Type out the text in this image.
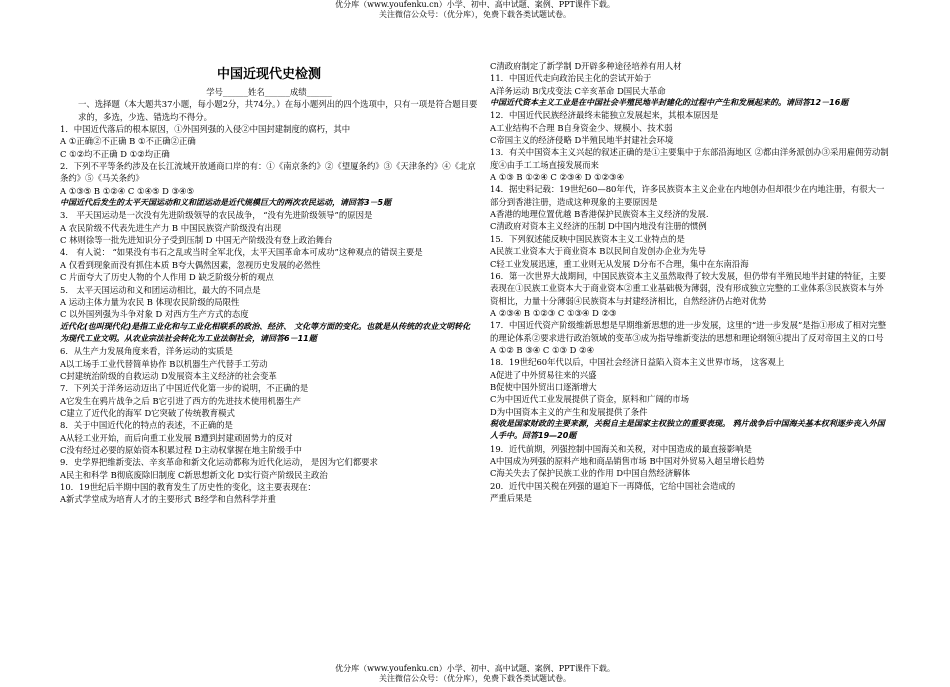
优分库（www.youfenku.cn）小学、初中、高中试题、案例、PPT课件下载。
关注微信公众号：（优分库），免费下载各类试题试卷。
中国近现代史检测
学号______姓名______成绩______
一、选择题（本大题共37小题，每小题2分，共74分。）在每小题列出的四个选项中，只有一项是符合题目要求的，多选，少选、错选均不得分。
1．中国近代落后的根本原因，①外国列强的入侵②中国封建制度的腐朽，其中
A ①正确②不正确 B ①不正确②正确
C ①②均不正确 D ①②均正确
2．下列不平等条约涉及在长江流域开放通商口岸的有：①《南京条约》②《望厦条约》③《天津条约》④《北京条约》⑤《马关条约》
A ①③⑤ B ①②④ C ①④⑤ D ③④⑤
中国近代后发生的太平天国运动和义和团运动是近代规模巨大的两次农民运动，请回答3－5题
3． 平天国运动是一次没有先进阶级领导的农民战争， “没有先进阶级领导”的原因是
A 农民阶级不代表先进生产力 B 中国民族资产阶级没有出现
C 林则徐等一批先进知识分子受到压制 D 中国无产阶级没有登上政治舞台
4． 有人说： “如果没有韦石之乱或当时全军北伐，太平天国革命本可成功”这种观点的错误主要是
A 仅看到现象而没有抓住本质 B夸大偶然因素，忽视历史发展的必然性
C 片面夸大了历史人物的个人作用 D 缺乏阶级分析的观点
5． 太平天国运动和义和团运动相比，最大的不同点是
A 运动主体力量为农民 B 体现农民阶级的局限性
C 以外国列强为斗争对象 D 对西方生产方式的态度
近代化(也叫现代化)是指工业化和与工业化相联系的政治、经济、 文化等方面的变化。也就是从传统的农业文明转化为现代工业文明。从农业宗法社会转化为工业法制社会，请回答6－11题
6．从生产力发展角度来看，洋务运动的实质是
A以工场手工业代替简单协作 B以机器生产代替手工劳动
C封建统治阶级的自救运动 D发展资本主义经济的社会变革
7．下列关于洋务运动迈出了中国近代化第一步的说明，不正确的是
A它发生在鸦片战争之后 B它引进了西方的先进技术使用机器生产
C建立了近代化的海军 D它突破了传统教育模式
8．关于中国近代化的特点的表述，不正确的是
A从轻工业开始，而后向重工业发展 B遭到封建顽固势力的反对
C没有经过必要的原始资本积累过程 D主动权掌握在地主阶级手中
9．史学界把维新变法、辛亥革命和新文化运动都称为近代化运动， 是因为它们都要求
A民主和科学 B彻底废除旧制度 C新思想新文化 D实行资产阶级民主政治
10．19世纪后半期中国的教育发生了历史性的变化，这主要表现在：
A新式学堂成为培育人才的主要形式 B经学和自然科学并重
C清政府制定了新学制 D开辟多种途径培养有用人材
11．中国近代走向政治民主化的尝试开始于
A洋务运动 B戊戌变法 C辛亥革命 D国民大革命
中国近代资本主义工业是在中国社会半殖民地半封建化的过程中产生和发展起来的。请回答12－16题
12．中国近代民族经济最终未能独立发展起来，其根本原因是
A工业结构不合理 B自身资金少、规模小、技术弱
C帝国主义的经济侵略 D半殖民地半封建社会环境
13．有关中国资本主义兴起的叙述正确的是①主要集中于东部沿海地区 ②都由洋务派创办③采用雇佣劳动制度④由手工工场直接发展而来
A ①③ B ①②④ C ②③④ D ①②③④
14．据史料记载：19世纪60—80年代，许多民族资本主义企业在内地创办但却很少在内地注册，有很大一部分到香港注册，造成这种现象的主要原因是
A香港的地理位置优越 B香港保护民族资本主义经济的发展.
C清政府对资本主义经济的压制 D中国内地没有注册的惯例
15．下列叙述能反映中国民族资本主义工业特点的是
A民族工业资本大于商业资本 B以民间自发创办企业为先导
C轻工业发展迅速，重工业则无从发展 D分布不合理，集中在东南沿海
16．第一次世界大战期间，中国民族资本主义虽然取得了较大发展，但仍带有半殖民地半封建的特征，主要表现在①民族工业资本大于商业资本②重工业基础极为薄弱，没有形成独立完整的工业体系③民族资本与外资相比，力量十分薄弱④民族资本与封建经济相比，自然经济仍占绝对优势
A ②③④ B ①②③ C ①③④ D ②③
17．中国近代资产阶级维新思想是早期维新思想的进一步发展，这里的“进一步发展”是指①形成了相对完整的理论体系②要求进行政治领域的变革③成为指导维新变法的思想和理论纲领④提出了反对帝国主义的口号
A ①② B ③④ C ①③ D ②④
18．19世纪60年代以后，中国社会经济日益陷入资本主义世界市场， 这客观上
A促进了中外贸易往来的兴盛
B促使中国外贸出口逐渐增大
C为中国近代工业发展提供了资金，原料和广阔的市场
D为中国资本主义的产生和发展提供了条件
税收是国家财政的主要来源，关税自主是国家主权独立的重要表现。 鸦片战争后中国海关基本权利逐步丧入外国人手中。回答19—20题
19．近代前期，列强控制中国海关和关税，对中国造成的最直接影响是
A中国成为列强的原料产地和商品销售市场 B中国对外贸易入超呈增长趋势
C海关失去了保护民族工业的作用 D中国自然经济解体
20．近代中国关税在列强的逼迫下一再降低，它给中国社会造成的
严重后果是
优分库（www.youfenku.cn）小学、初中、高中试题、案例、PPT课件下载。
关注微信公众号：（优分库），免费下载各类试题试卷。
